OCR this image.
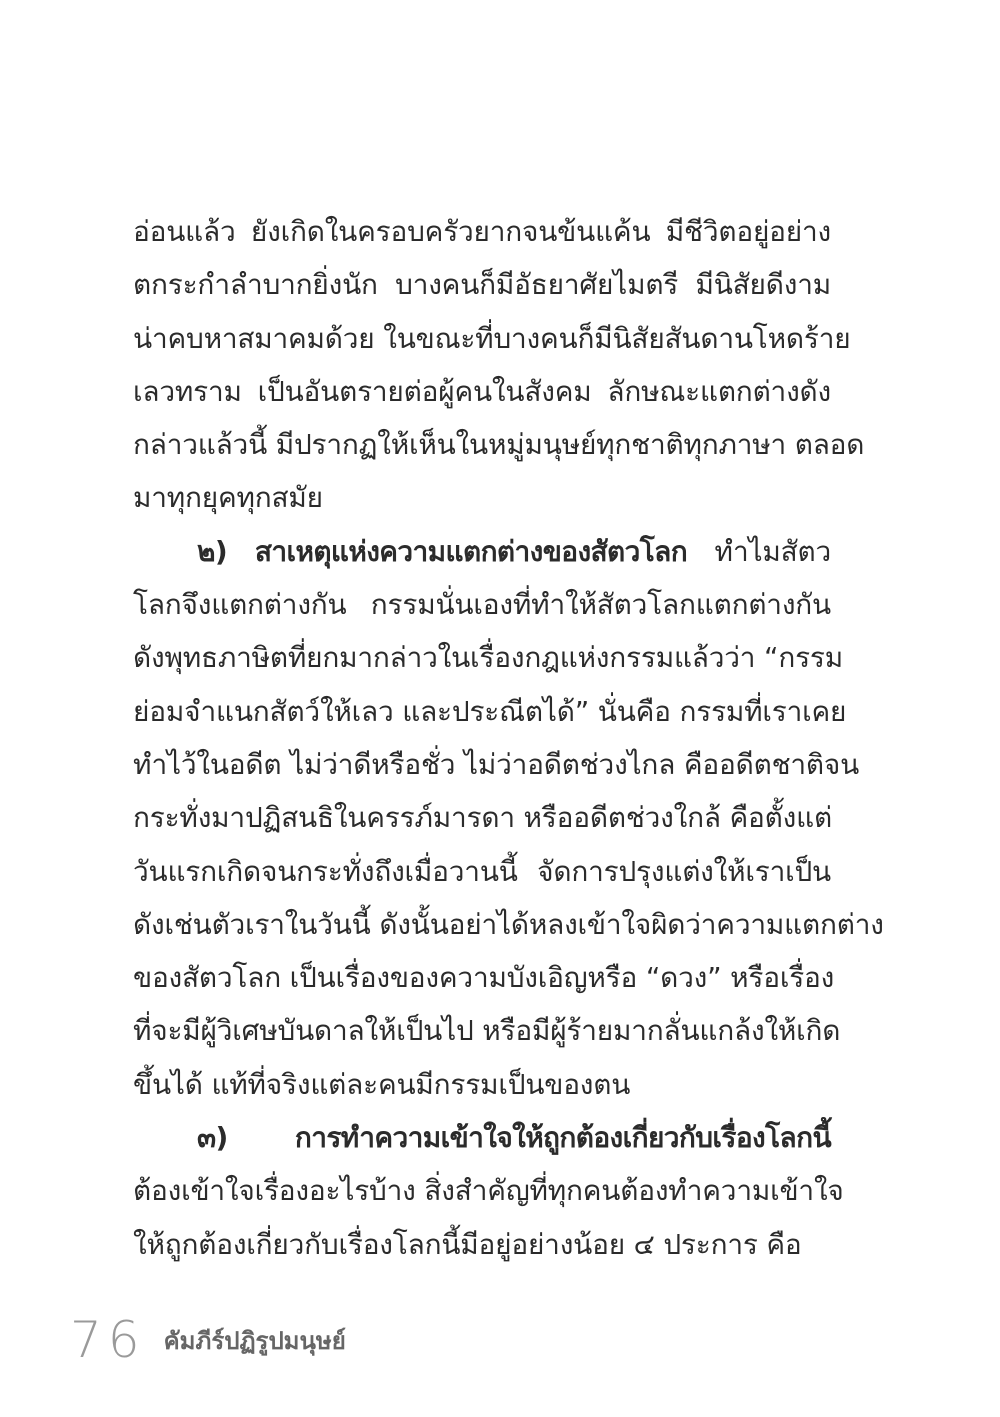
อ่อนแล้ว ยังเกิดในครอบครัวยากจนข้นแค้น มีชีวิตอยู่อย่าง
ตกระกำลำบากยิ่งนัก บางคนก็มีอัธยาศัยไมตรี มีนิสัยดีงาม
น่าคบหาสมาคมด้วย ในขณะที่บางคนก็มีนิสัยสันดานโหดร้าย
เลวทราม เป็นอันตรายต่อผู้คนในสังคม ลักษณะแตกต่างดัง
กล่าวแล้วนี้ มีปรากฏให้เห็นในหมู่มนุษย์ทุกชาติทุกภาษา ตลอด
มาทุกยุคทุกสมัย
๒) สาเหตุแห่งความแตกต่างของสัตวโลก ทำไมสัตว
โลกจึงแตกต่างกัน กรรมนั่นเองที่ทำให้สัตวโลกแตกต่างกัน
ดังพุทธภาษิตที่ยกมากล่าวในเรื่องกฎแห่งกรรมแล้วว่า “กรรม
ย่อมจำแนกสัตว์ให้เลว และประณีตได้” นั่นคือ กรรมที่เราเคย
ทำไว้ในอดีต ไม่ว่าดีหรือชั่ว ไม่ว่าอดีตช่วงไกล คืออดีตชาติจน
กระทั่งมาปฏิสนธิในครรภ์มารดา หรืออดีตช่วงใกล้ คือตั้งแต่
วันแรกเกิดจนกระทั่งถึงเมื่อวานนี้ จัดการปรุงแต่งให้เราเป็น
ดังเช่นตัวเราในวันนี้ ดังนั้นอย่าได้หลงเข้าใจผิดว่าความแตกต่าง
ของสัตวโลก เป็นเรื่องของความบังเอิญหรือ “ดวง” หรือเรื่อง
ที่จะมีผู้วิเศษบันดาลให้เป็นไป หรือมีผู้ร้ายมากลั่นแกล้งให้เกิด
ขึ้นได้ แท้ที่จริงแต่ละคนมีกรรมเป็นของตน
๓) การทำความเข้าใจให้ถูกต้องเกี่ยวกับเรื่องโลกนี้
ต้องเข้าใจเรื่องอะไรบ้าง สิ่งสำคัญที่ทุกคนต้องทำความเข้าใจ
ให้ถูกต้องเกี่ยวกับเรื่องโลกนี้มีอยู่อย่างน้อย ๔ ประการ คือ
76 คัมภีร์ปฏิรูปมนุษย์
